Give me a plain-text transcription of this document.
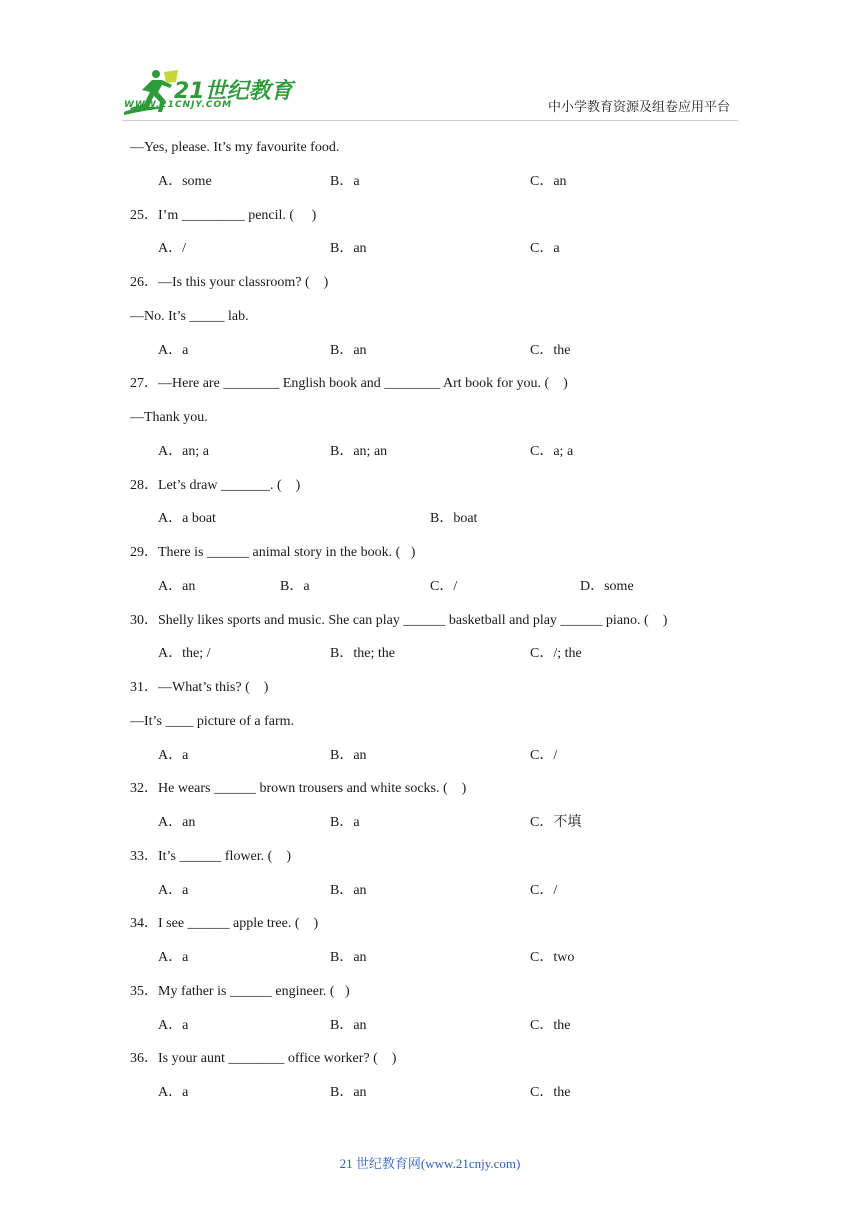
21世纪教育
WWW.21CNJY.COM	中小学教育资源及组卷应用平台
—Yes, please. It’s my favourite food.
A．some	B．a	C．an
25．I’m _________ pencil. (     )
A．/	B．an	C．a
26．—Is this your classroom? (    )
—No. It’s _____ lab.
A．a	B．an	C．the
27．—Here are ________ English book and ________ Art book for you. (    )
—Thank you.
A．an; a	B．an; an	C．a; a
28．Let’s draw _______. (    )
A．a boat	B．boat
29．There is ______ animal story in the book. (   )
A．an	B．a	C．/	D．some
30．Shelly likes sports and music. She can play ______ basketball and play ______ piano. (    )
A．the; /	B．the; the	C．/; the
31．—What’s this? (    )
—It’s ____ picture of a farm.
A．a	B．an	C．/
32．He wears ______ brown trousers and white socks. (    )
A．an	B．a	C．不填
33．It’s ______ flower. (    )
A．a	B．an	C．/
34．I see ______ apple tree. (    )
A．a	B．an	C．two
35．My father is ______ engineer. (   )
A．a	B．an	C．the
36．Is your aunt ________ office worker? (    )
A．a	B．an	C．the
21 世纪教育网(www.21cnjy.com)
